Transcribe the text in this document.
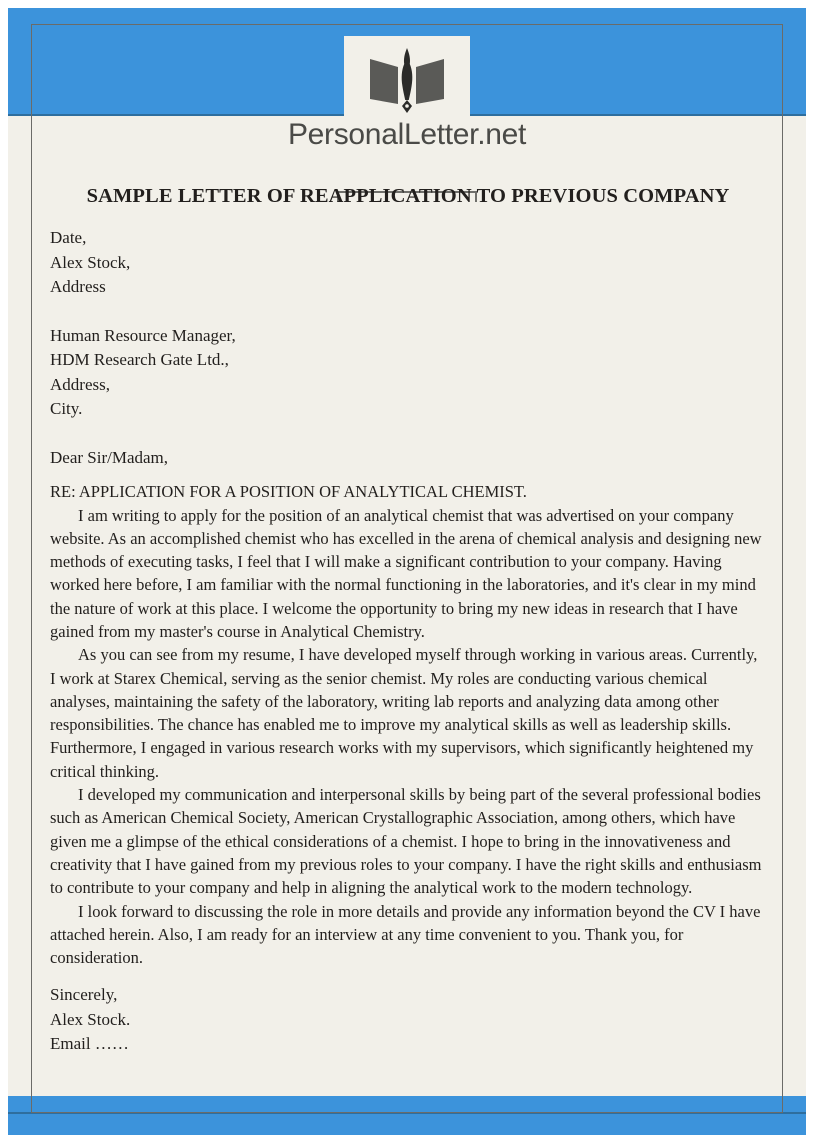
PersonalLetter.net
SAMPLE LETTER OF REAPPLICATION TO PREVIOUS COMPANY
Date,
Alex Stock,
Address
Human Resource Manager,
HDM Research Gate Ltd.,
Address,
City.
Dear Sir/Madam,
RE: APPLICATION FOR A POSITION OF ANALYTICAL CHEMIST.

I am writing to apply for the position of an analytical chemist that was advertised on your company website. As an accomplished chemist who has excelled in the arena of chemical analysis and designing new methods of executing tasks, I feel that I will make a significant contribution to your company. Having worked here before, I am familiar with the normal functioning in the laboratories, and it's clear in my mind the nature of work at this place. I welcome the opportunity to bring my new ideas in research that I have gained from my master's course in Analytical Chemistry.

As you can see from my resume, I have developed myself through working in various areas. Currently, I work at Starex Chemical, serving as the senior chemist. My roles are conducting various chemical analyses, maintaining the safety of the laboratory, writing lab reports and analyzing data among other responsibilities. The chance has enabled me to improve my analytical skills as well as leadership skills. Furthermore, I engaged in various research works with my supervisors, which significantly heightened my critical thinking.

I developed my communication and interpersonal skills by being part of the several professional bodies such as American Chemical Society, American Crystallographic Association, among others, which have given me a glimpse of the ethical considerations of a chemist. I hope to bring in the innovativeness and creativity that I have gained from my previous roles to your company. I have the right skills and enthusiasm to contribute to your company and help in aligning the analytical work to the modern technology.

I look forward to discussing the role in more details and provide any information beyond the CV I have attached herein. Also, I am ready for an interview at any time convenient to you. Thank you, for consideration.

Sincerely,
Alex Stock.
Email ……
